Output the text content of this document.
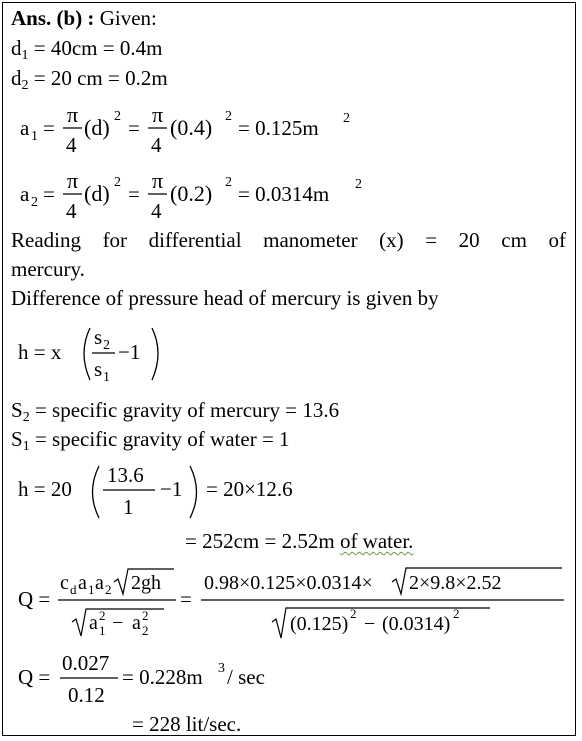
Ans. (b) : Given:
$d_1 = 40cm = 0.4m$
$d_2 = 20$ cm = 0.2m
a 1 =
π
4
(d) 2 =
π
4
(0.4) 2 = 0.125m 2
a 2 =
π
4
(d) 2 =
π
4
(0.2) 2 = 0.0314m 2
Reading for differential manometer (x) = 20 cm of
mercury.
Difference of pressure head of mercury is given by
h = x
s 2
s 1
−1
$S_2$ = specific gravity of mercury = 13.6
$S_1$ = specific gravity of water = 1
h = 20
13.6
1
−1 = 20×12.6
= 252cm = 2.52m of water.
Q =
c d a 1 a 2 2gh
a 1
2 − a 2
2
=
0.98×0.125×0.0314× 2×9.8×2.52
(0.125) 2 − (0.0314) 2
Q =
0.027
0.12
= 0.228m 3 / sec
= 228 lit/sec.
